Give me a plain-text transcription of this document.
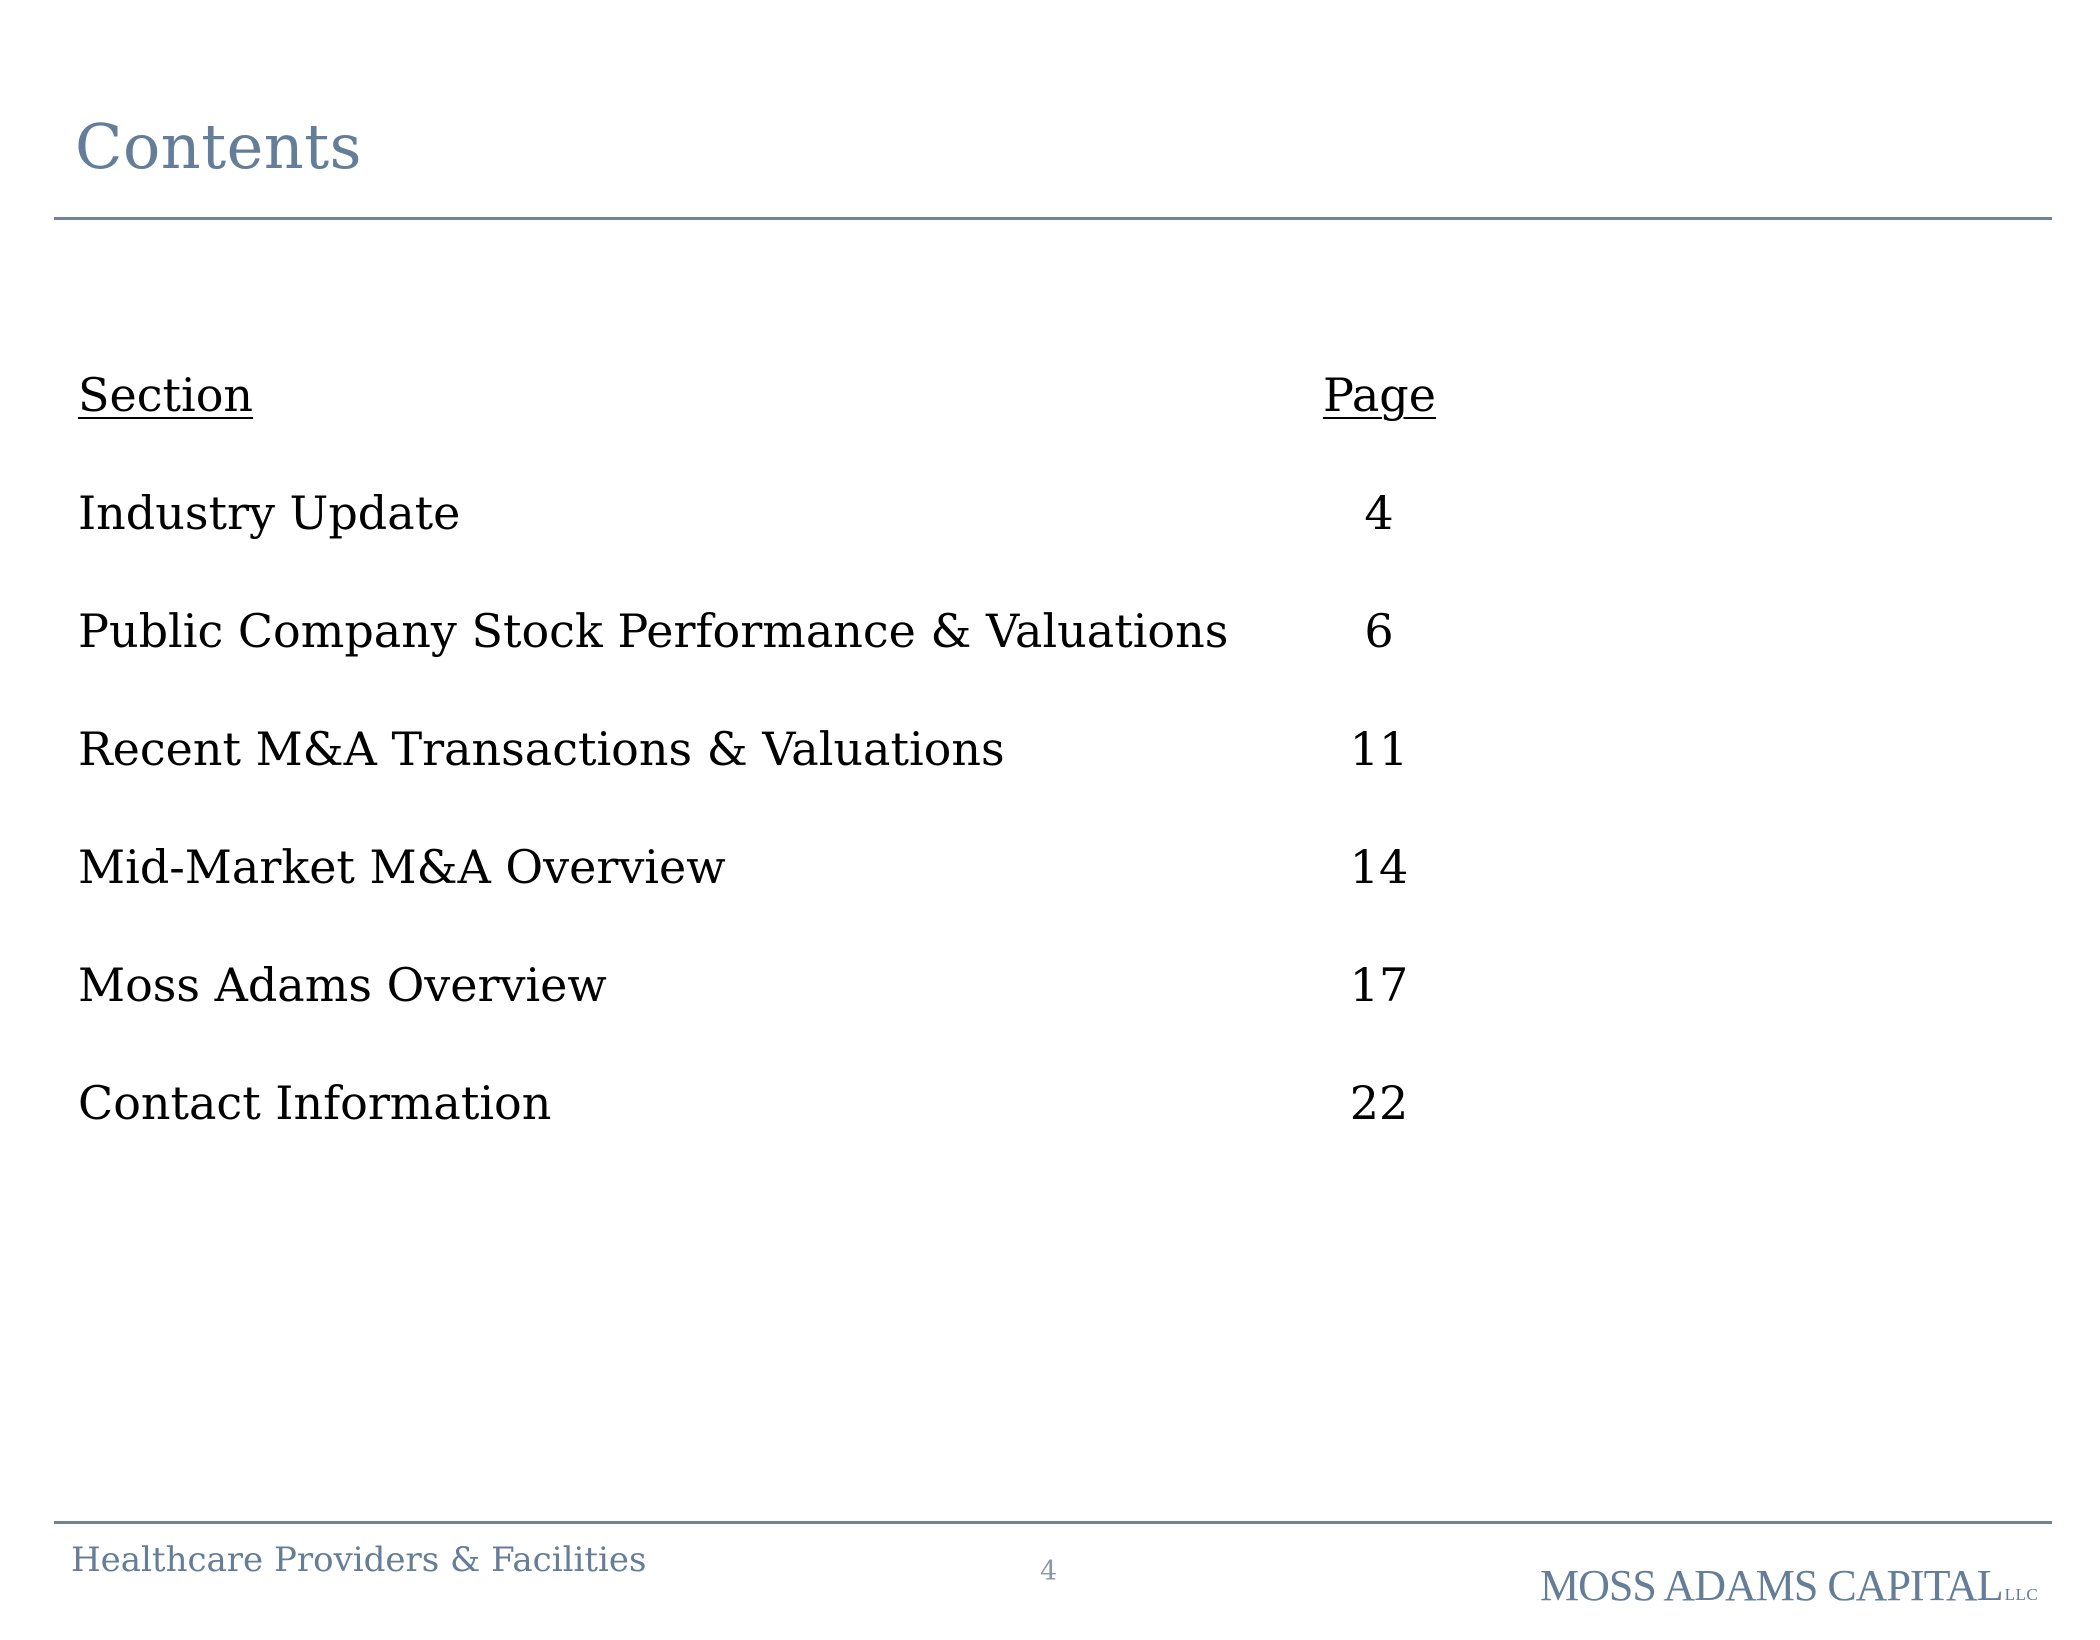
Contents
Section	Page
Industry Update	4
Public Company Stock Performance & Valuations	6
Recent M&A Transactions & Valuations	11
Mid-Market M&A Overview	14
Moss Adams Overview	17
Contact Information	22
Healthcare Providers & Facilities	4	MOSS ADAMS CAPITAL LLC
